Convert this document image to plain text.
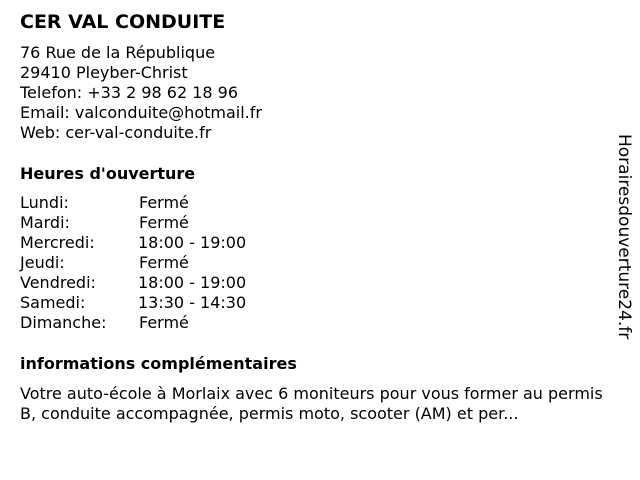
CER VAL CONDUITE
76 Rue de la République
29410 Pleyber-Christ
Telefon: +33 2 98 62 18 96
Email: valconduite@hotmail.fr
Web: cer-val-conduite.fr
Heures d'ouverture
Lundi:	Fermé
Mardi:	Fermé
Mercredi:	18:00 - 19:00
Jeudi:	Fermé
Vendredi:	18:00 - 19:00
Samedi:	13:30 - 14:30
Dimanche: Fermé
informations complémentaires
Votre auto-école à Morlaix avec 6 moniteurs pour vous former au permis B, conduite accompagnée, permis moto, scooter (AM) et per...
Horairesdouverture24.fr
